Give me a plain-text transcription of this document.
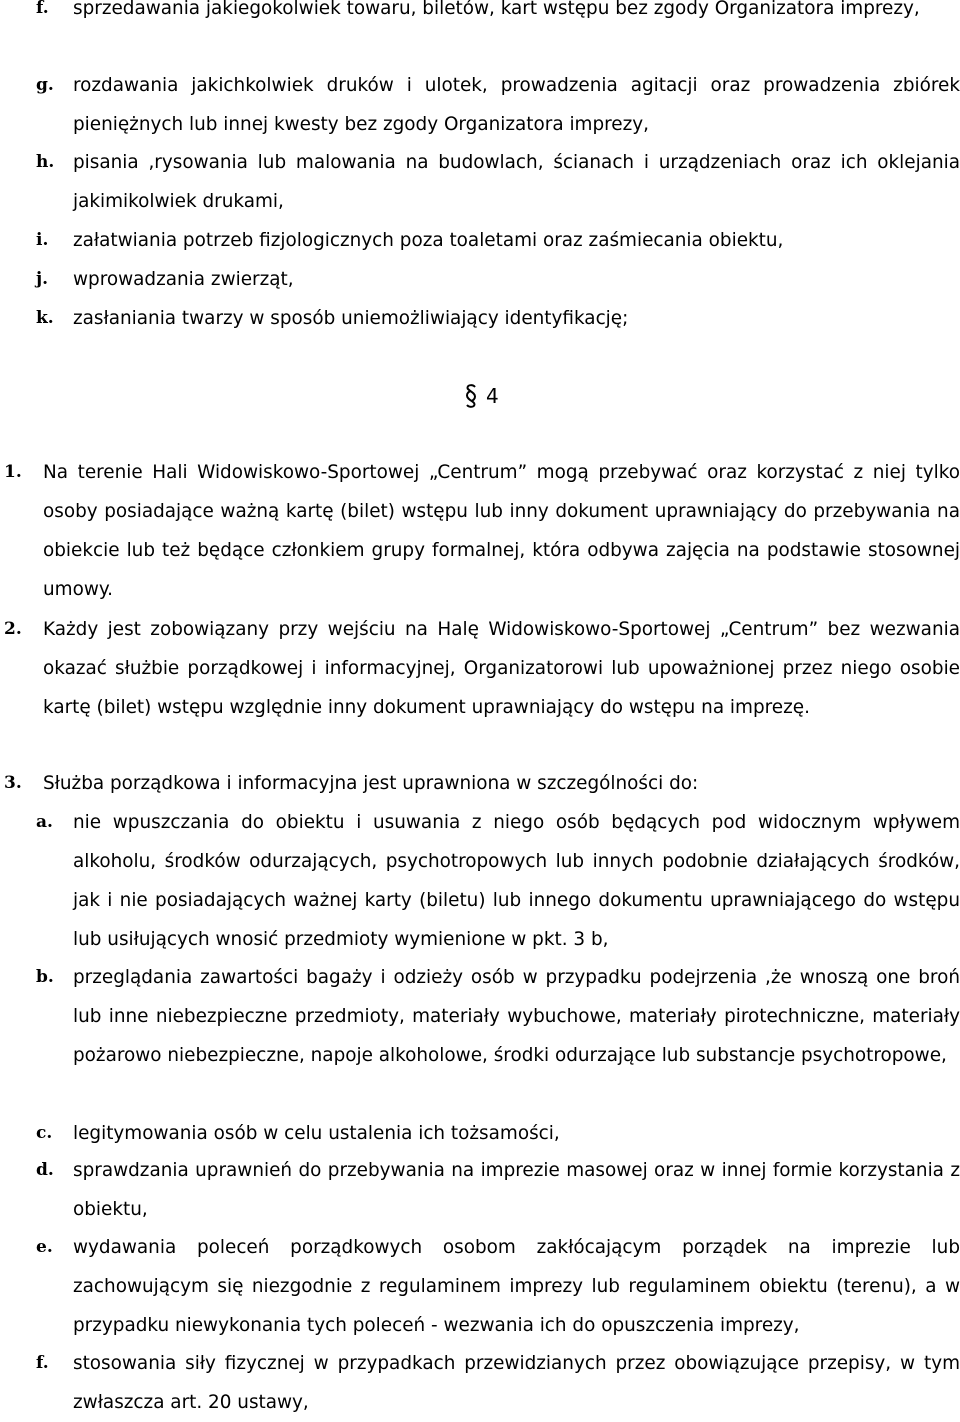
f.	sprzedawania jakiegokolwiek towaru, biletów, kart wstępu bez zgody Organizatora imprezy,
g.	rozdawania jakichkolwiek druków i ulotek, prowadzenia agitacji oraz prowadzenia zbiórek pieniężnych lub innej kwesty bez zgody Organizatora imprezy,
h.	pisania ,rysowania lub malowania na budowlach, ścianach i urządzeniach oraz ich oklejania jakimikolwiek drukami,
i.	załatwiania potrzeb fizjologicznych poza toaletami oraz zaśmiecania obiektu,
j.	wprowadzania zwierząt,
k.	zasłaniania twarzy w sposób uniemożliwiający identyfikację;
4
1.	Na terenie Hali Widowiskowo-Sportowej „Centrum” mogą przebywać oraz korzystać z niej tylko osoby posiadające ważną kartę (bilet) wstępu lub inny dokument uprawniający do przebywania na obiekcie lub też będące członkiem grupy formalnej, która odbywa zajęcia na podstawie stosownej umowy.
2.	Każdy jest zobowiązany przy wejściu na Halę Widowiskowo-Sportowej „Centrum” bez wezwania okazać służbie porządkowej i informacyjnej, Organizatorowi lub upoważnionej przez niego osobie kartę (bilet) wstępu względnie inny dokument uprawniający do wstępu na imprezę.
3.	Służba porządkowa i informacyjna jest uprawniona w szczególności do:
a.	nie wpuszczania do obiektu i usuwania z niego osób będących pod widocznym wpływem alkoholu, środków odurzających, psychotropowych lub innych podobnie działających środków, jak i nie posiadających ważnej karty (biletu) lub innego dokumentu uprawniającego do wstępu lub usiłujących wnosić przedmioty wymienione w pkt. 3 b,
b.	przeglądania zawartości bagaży i odzieży osób w przypadku podejrzenia ,że wnoszą one broń lub inne niebezpieczne przedmioty, materiały wybuchowe, materiały pirotechniczne, materiały pożarowo niebezpieczne, napoje alkoholowe, środki odurzające lub substancje psychotropowe,
c.	legitymowania osób w celu ustalenia ich tożsamości,
d.	sprawdzania uprawnień do przebywania na imprezie masowej oraz w innej formie korzystania z obiektu,
e.	wydawania poleceń porządkowych osobom zakłócającym porządek na imprezie lub zachowującym się niezgodnie z regulaminem imprezy lub regulaminem obiektu (terenu), a w przypadku niewykonania tych poleceń - wezwania ich do opuszczenia imprezy,
f.	stosowania siły fizycznej w przypadkach przewidzianych przez obowiązujące przepisy, w tym zwłaszcza art. 20 ustawy,
